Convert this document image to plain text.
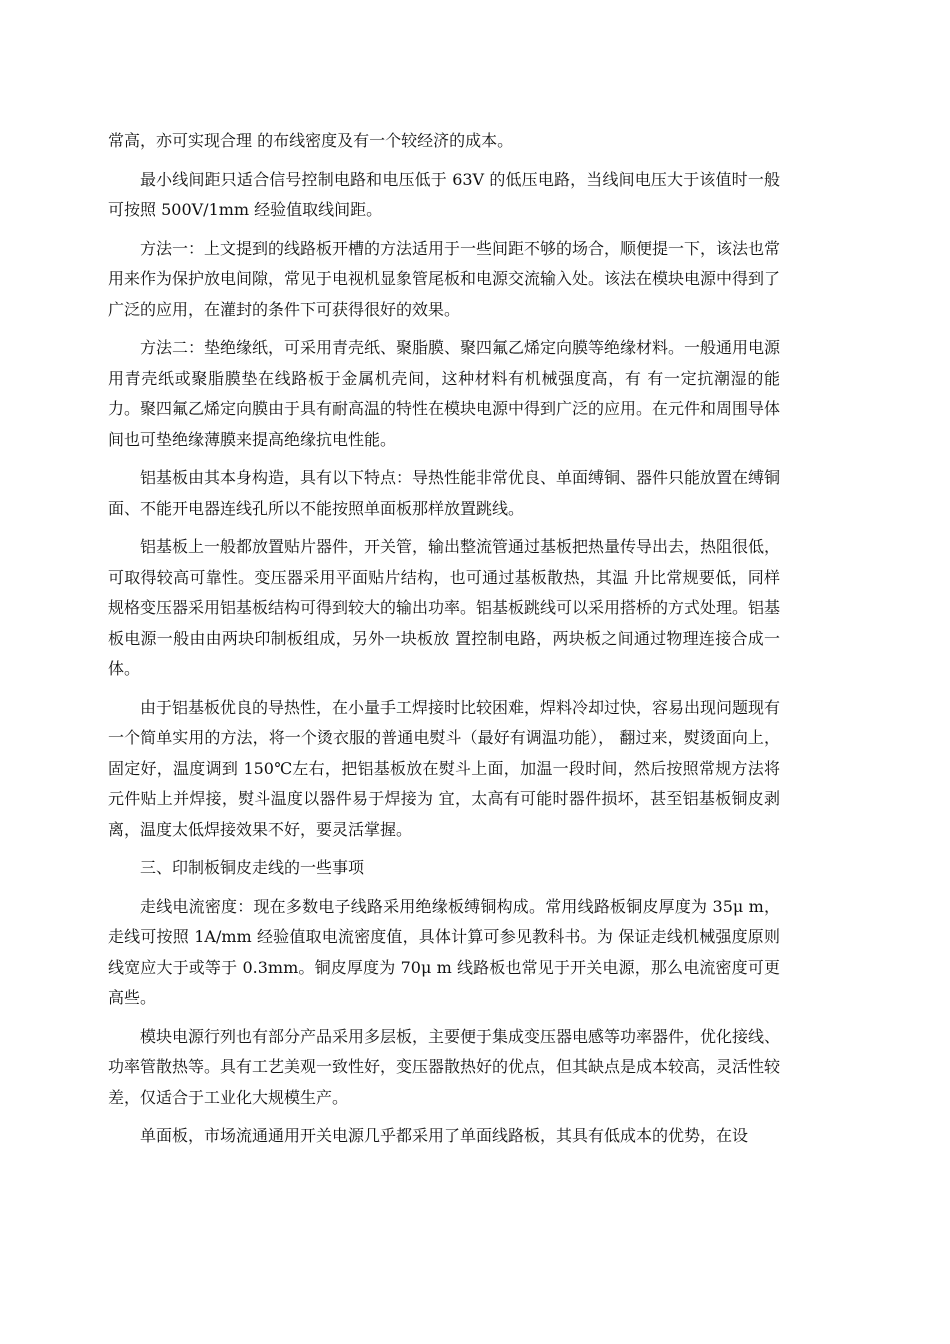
常高，亦可实现合理 的布线密度及有一个较经济的成本。

最小线间距只适合信号控制电路和电压低于 63V 的低压电路，当线间电压大于该值时一般可按照 500V/1mm 经验值取线间距。

方法一：上文提到的线路板开槽的方法适用于一些间距不够的场合，顺便提一下，该法也常用来作为保护放电间隙，常见于电视机显象管尾板和电源交流输入处。该法在模块电源中得到了广泛的应用，在灌封的条件下可获得很好的效果。

方法二：垫绝缘纸，可采用青壳纸、聚脂膜、聚四氟乙烯定向膜等绝缘材料。一般通用电源用青壳纸或聚脂膜垫在线路板于金属机壳间，这种材料有机械强度高，有 有一定抗潮湿的能力。聚四氟乙烯定向膜由于具有耐高温的特性在模块电源中得到广泛的应用。在元件和周围导体间也可垫绝缘薄膜来提高绝缘抗电性能。

铝基板由其本身构造，具有以下特点：导热性能非常优良、单面缚铜、器件只能放置在缚铜面、不能开电器连线孔所以不能按照单面板那样放置跳线。

铝基板上一般都放置贴片器件，开关管，输出整流管通过基板把热量传导出去，热阻很低，可取得较高可靠性。变压器采用平面贴片结构，也可通过基板散热，其温 升比常规要低，同样规格变压器采用铝基板结构可得到较大的输出功率。铝基板跳线可以采用搭桥的方式处理。铝基板电源一般由由两块印制板组成，另外一块板放 置控制电路，两块板之间通过物理连接合成一体。

由于铝基板优良的导热性，在小量手工焊接时比较困难，焊料冷却过快，容易出现问题现有一个简单实用的方法，将一个烫衣服的普通电熨斗（最好有调温功能）， 翻过来，熨烫面向上，固定好，温度调到 150℃左右，把铝基板放在熨斗上面，加温一段时间，然后按照常规方法将元件贴上并焊接，熨斗温度以器件易于焊接为 宜，太高有可能时器件损坏，甚至铝基板铜皮剥离，温度太低焊接效果不好，要灵活掌握。

三、印制板铜皮走线的一些事项

走线电流密度：现在多数电子线路采用绝缘板缚铜构成。常用线路板铜皮厚度为 35μ m，走线可按照 1A/mm 经验值取电流密度值，具体计算可参见教科书。为 保证走线机械强度原则线宽应大于或等于 0.3mm。铜皮厚度为 70μ m 线路板也常见于开关电源，那么电流密度可更高些。

模块电源行列也有部分产品采用多层板，主要便于集成变压器电感等功率器件，优化接线、功率管散热等。具有工艺美观一致性好，变压器散热好的优点，但其缺点是成本较高，灵活性较差，仅适合于工业化大规模生产。

单面板，市场流通通用开关电源几乎都采用了单面线路板，其具有低成本的优势，在设
